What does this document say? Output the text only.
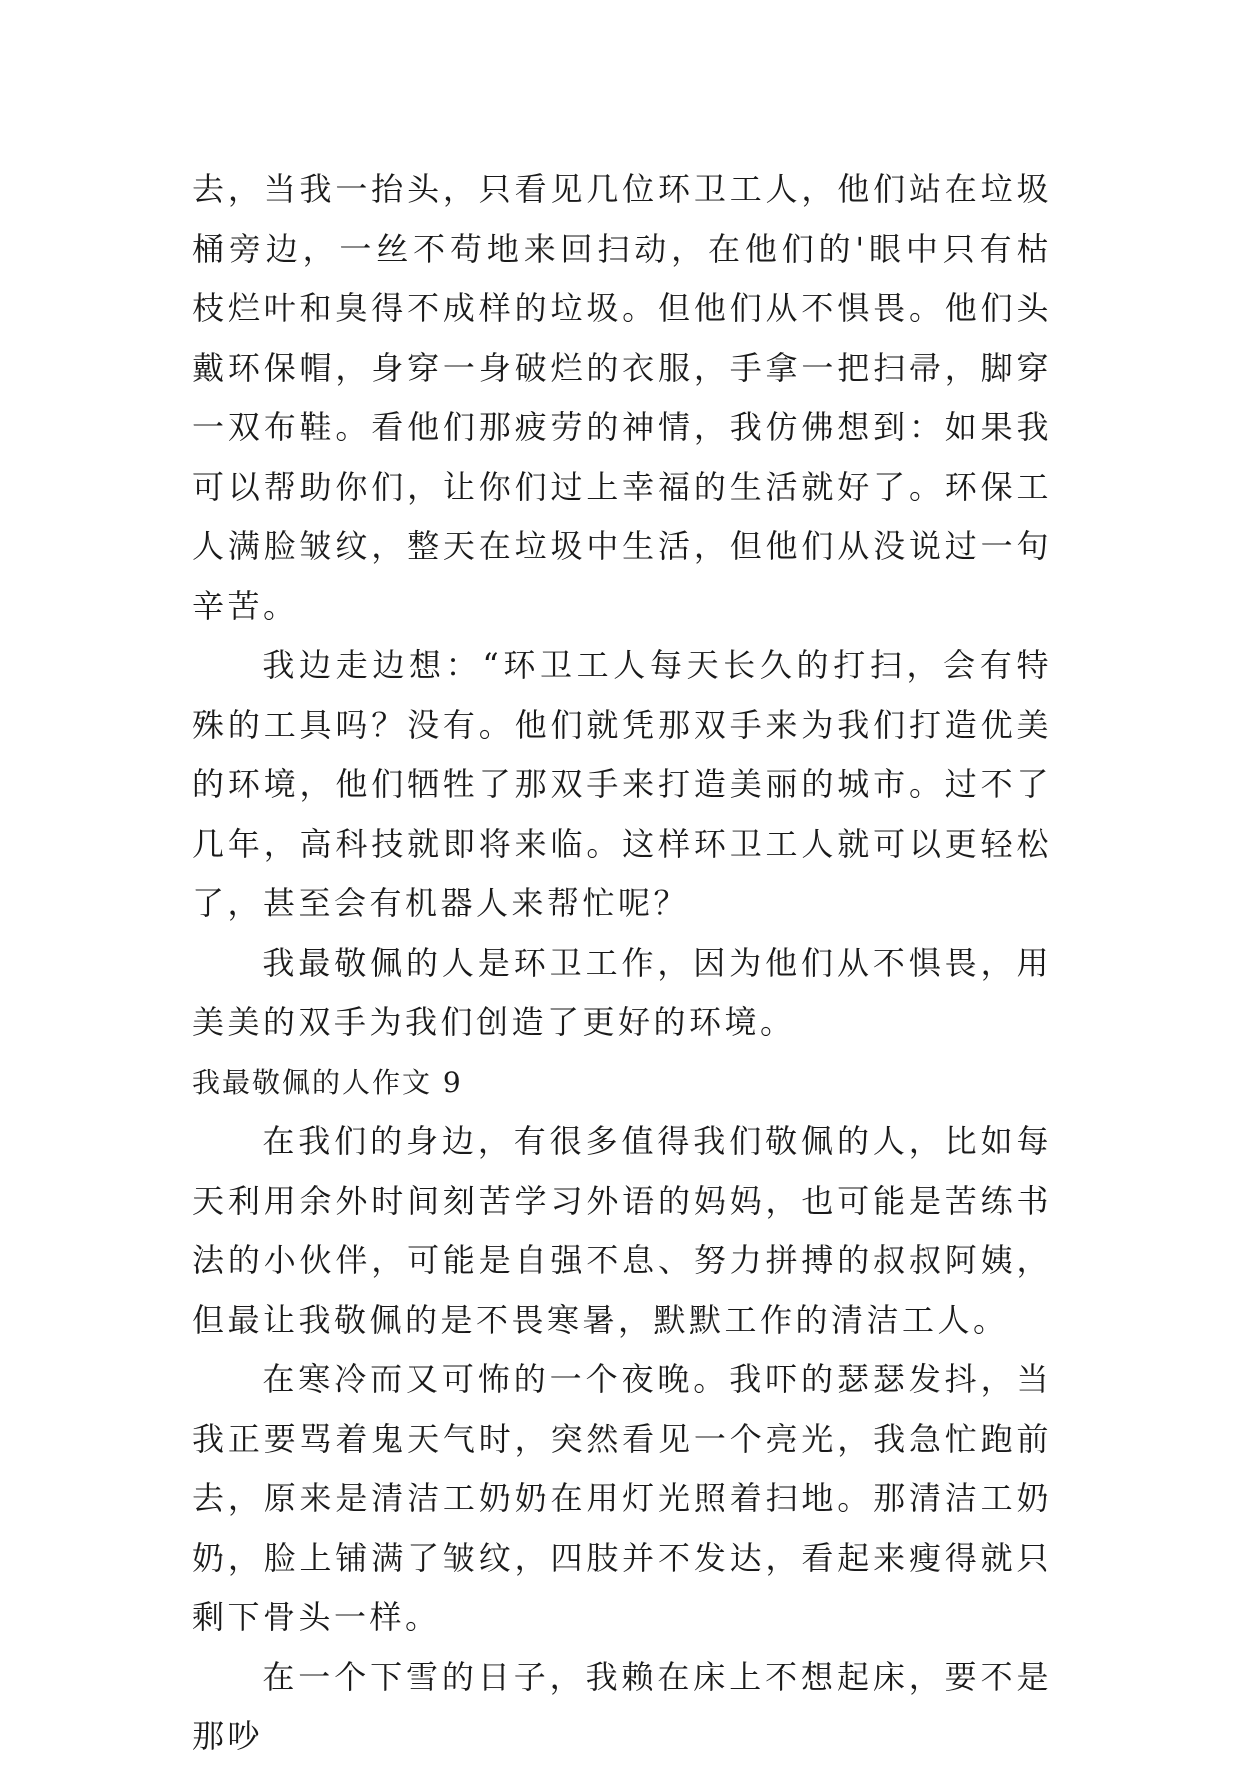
去，当我一抬头，只看见几位环卫工人，他们站在垃圾桶旁边，一丝不苟地来回扫动，在他们的'眼中只有枯枝烂叶和臭得不成样的垃圾。但他们从不惧畏。他们头戴环保帽，身穿一身破烂的衣服，手拿一把扫帚，脚穿一双布鞋。看他们那疲劳的神情，我仿佛想到：如果我可以帮助你们，让你们过上幸福的生活就好了。环保工人满脸皱纹，整天在垃圾中生活，但他们从没说过一句辛苦。

我边走边想：“环卫工人每天长久的打扫，会有特殊的工具吗？没有。他们就凭那双手来为我们打造优美的环境，他们牺牲了那双手来打造美丽的城市。过不了几年，高科技就即将来临。这样环卫工人就可以更轻松了，甚至会有机器人来帮忙呢？

我最敬佩的人是环卫工作，因为他们从不惧畏，用美美的双手为我们创造了更好的环境。

我最敬佩的人作文 9

在我们的身边，有很多值得我们敬佩的人，比如每天利用余外时间刻苦学习外语的妈妈，也可能是苦练书法的小伙伴，可能是自强不息、努力拼搏的叔叔阿姨，但最让我敬佩的是不畏寒暑，默默工作的清洁工人。

在寒冷而又可怖的一个夜晚。我吓的瑟瑟发抖，当我正要骂着鬼天气时，突然看见一个亮光，我急忙跑前去，原来是清洁工奶奶在用灯光照着扫地。那清洁工奶奶，脸上铺满了皱纹，四肢并不发达，看起来瘦得就只剩下骨头一样。

在一个下雪的日子，我赖在床上不想起床，要不是那吵
